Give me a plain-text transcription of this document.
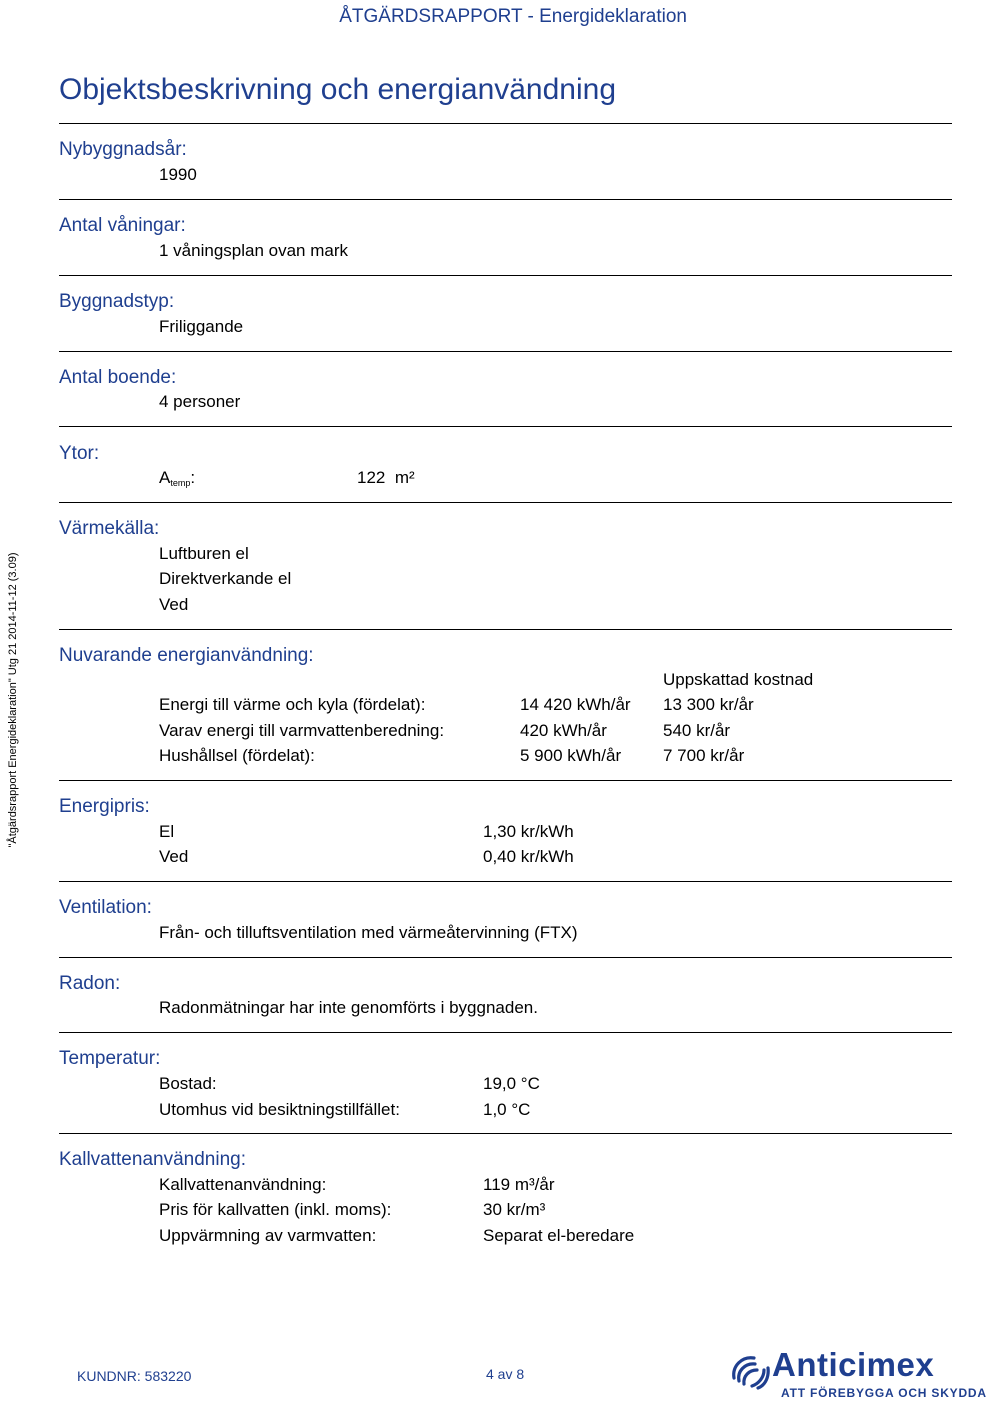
ÅTGÄRDSRAPPORT - Energideklaration
"Åtgärdsrapport Energideklaration" Utg 21 2014-11-12 (3.09)
Objektsbeskrivning och energianvändning
Nybyggnadsår:
1990
Antal våningar:
1 våningsplan ovan mark
Byggnadstyp:
Friliggande
Antal boende:
4 personer
Ytor:
$A_{temp}$:	122 m²
Värmekälla:
Luftburen el
Direktverkande el
Ved
Nuvarande energianvändning:
Uppskattad kostnad
Energi till värme och kyla (fördelat):	14 420 kWh/år 13 300 kr/år
Varav energi till varmvattenberedning:	420 kWh/år	540 kr/år
Hushållsel (fördelat):	5 900 kWh/år 7 700 kr/år
Energipris:
El	1,30 kr/kWh
Ved	0,40 kr/kWh
Ventilation:
Från- och tilluftsventilation med värmeåtervinning (FTX)
Radon:
Radonmätningar har inte genomförts i byggnaden.
Temperatur:
Bostad:	19,0 °C
Utomhus vid besiktningstillfället:	1,0 °C
Kallvattenanvändning:
Kallvattenanvändning:	119 m³/år
Pris för kallvatten (inkl. moms):	30 kr/m³
Uppvärmning av varmvatten:	Separat el-beredare
KUNDNR: 583220	4 av 8	Anticimex
ATT FÖREBYGGA OCH SKYDDA
